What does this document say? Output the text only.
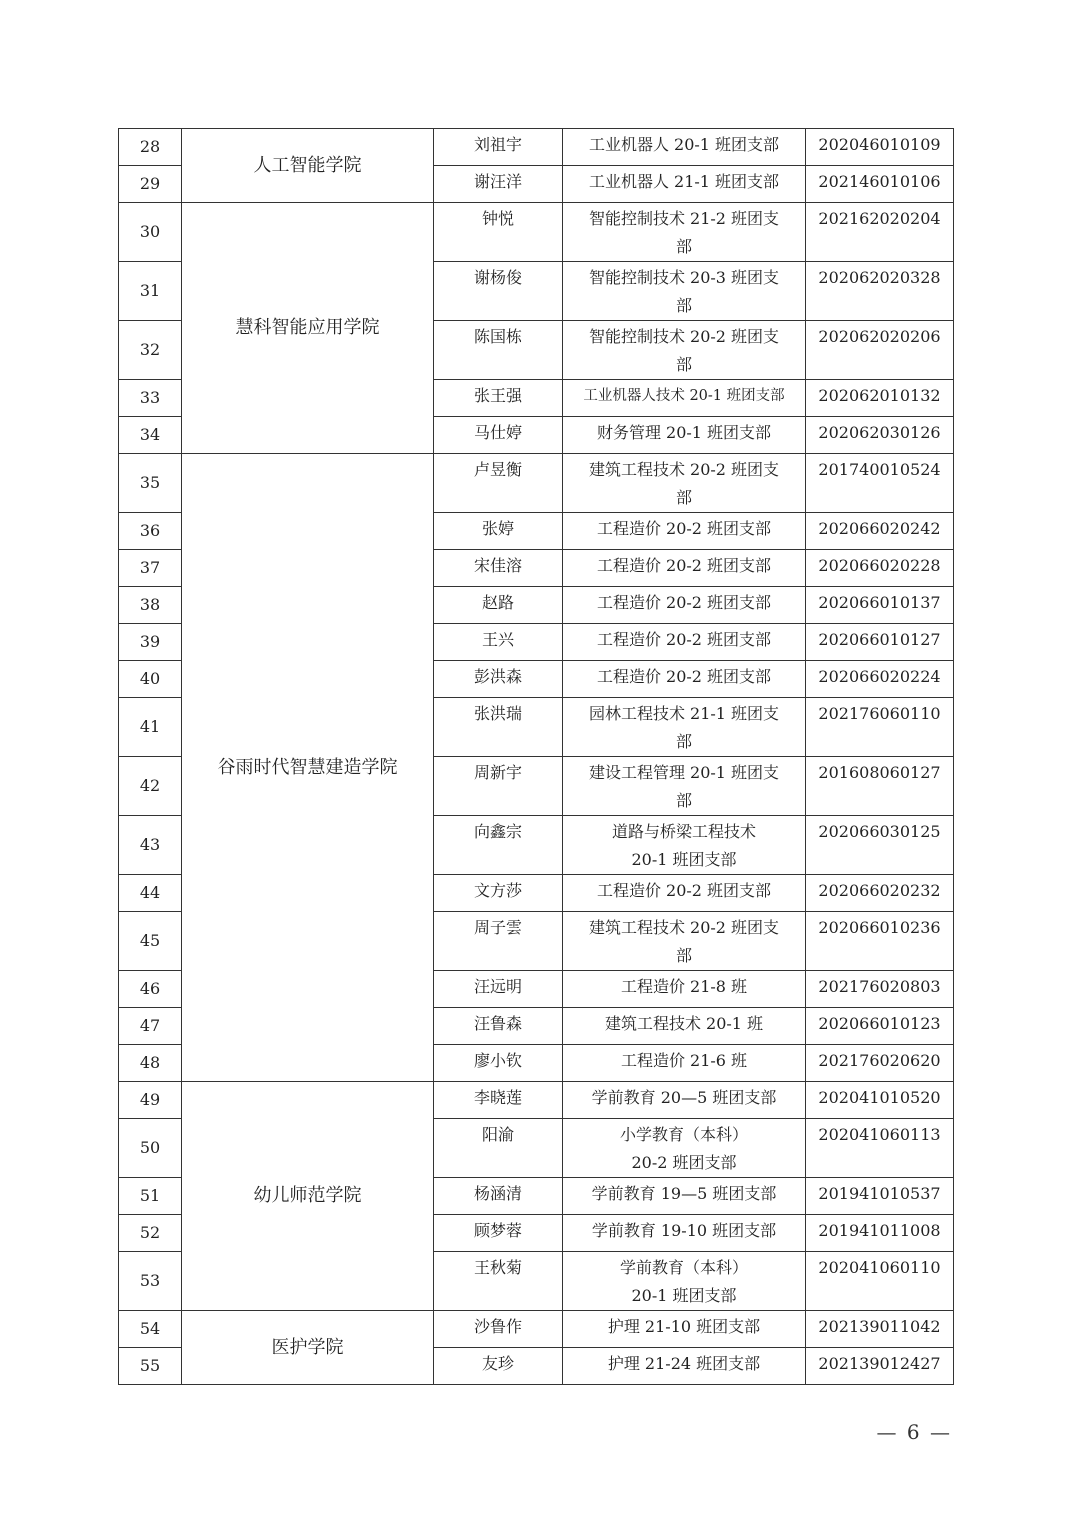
28	人工智能学院	刘祖宇	工业机器人 20-1 班团支部	202046010109
29		谢汪洋	工业机器人 21-1 班团支部	202146010106
30	慧科智能应用学院	钟悦	智能控制技术 21-2 班团支
部	202162020204
31		谢杨俊	智能控制技术 20-3 班团支
部	202062020328
32		陈国栋	智能控制技术 20-2 班团支
部	202062020206
33		张王强	工业机器人技术 20-1 班团支部	202062010132
34		马仕婷	财务管理 20-1 班团支部	202062030126
35	谷雨时代智慧建造学院	卢昱衡	建筑工程技术 20-2 班团支
部	201740010524
36		张婷	工程造价 20-2 班团支部	202066020242
37		宋佳溶	工程造价 20-2 班团支部	202066020228
38		赵路	工程造价 20-2 班团支部	202066010137
39		王兴	工程造价 20-2 班团支部	202066010127
40		彭洪森	工程造价 20-2 班团支部	202066020224
41		张洪瑞	园林工程技术 21-1 班团支
部	202176060110
42		周新宇	建设工程管理 20-1 班团支
部	201608060127
43		向鑫宗	道路与桥梁工程技术
20-1 班团支部	202066030125
44		文方莎	工程造价 20-2 班团支部	202066020232
45		周子雲	建筑工程技术 20-2 班团支
部	202066010236
46		汪远明	工程造价 21-8 班	202176020803
47		汪鲁森	建筑工程技术 20-1 班	202066010123
48		廖小钦	工程造价 21-6 班	202176020620
49	幼儿师范学院	李晓莲	学前教育 20—5 班团支部	202041010520
50		阳渝	小学教育（本科）
20-2 班团支部	202041060113
51		杨涵清	学前教育 19—5 班团支部	201941010537
52		顾梦蓉	学前教育 19-10 班团支部	201941011008
53		王秋菊	学前教育（本科）
20-1 班团支部	202041060110
54	医护学院	沙鲁作	护理 21-10 班团支部	202139011042
55		友珍	护理 21-24 班团支部	202139012427
— 6 —
